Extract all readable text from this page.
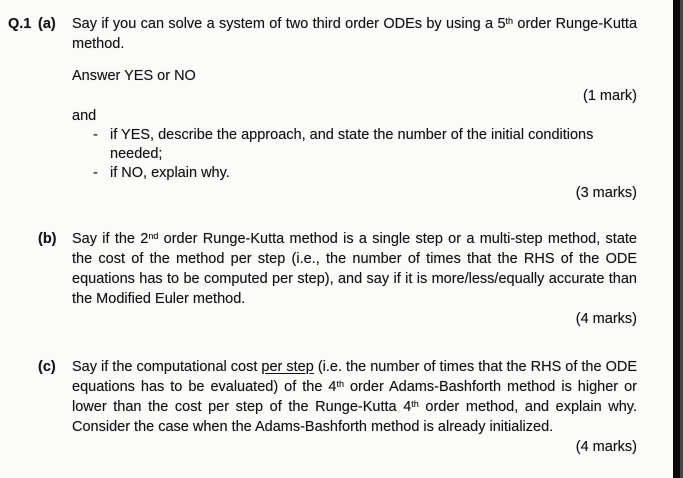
Q.1 (a)	Say if you can solve a system of two third order ODEs by using a 5th order Runge-Kutta method.

Answer YES or NO

(1 mark)

and

- if YES, describe the approach, and state the number of the initial conditions needed;
- if NO, explain why.

(3 marks)

(b)	Say if the 2nd order Runge-Kutta method is a single step or a multi-step method, state the cost of the method per step (i.e., the number of times that the RHS of the ODE equations has to be computed per step), and say if it is more/less/equally accurate than the Modified Euler method.

(4 marks)

(c)	Say if the computational cost per step (i.e. the number of times that the RHS of the ODE equations has to be evaluated) of the 4th order Adams-Bashforth method is higher or lower than the cost per step of the Runge-Kutta 4th order method, and explain why. Consider the case when the Adams-Bashforth method is already initialized.

(4 marks)
